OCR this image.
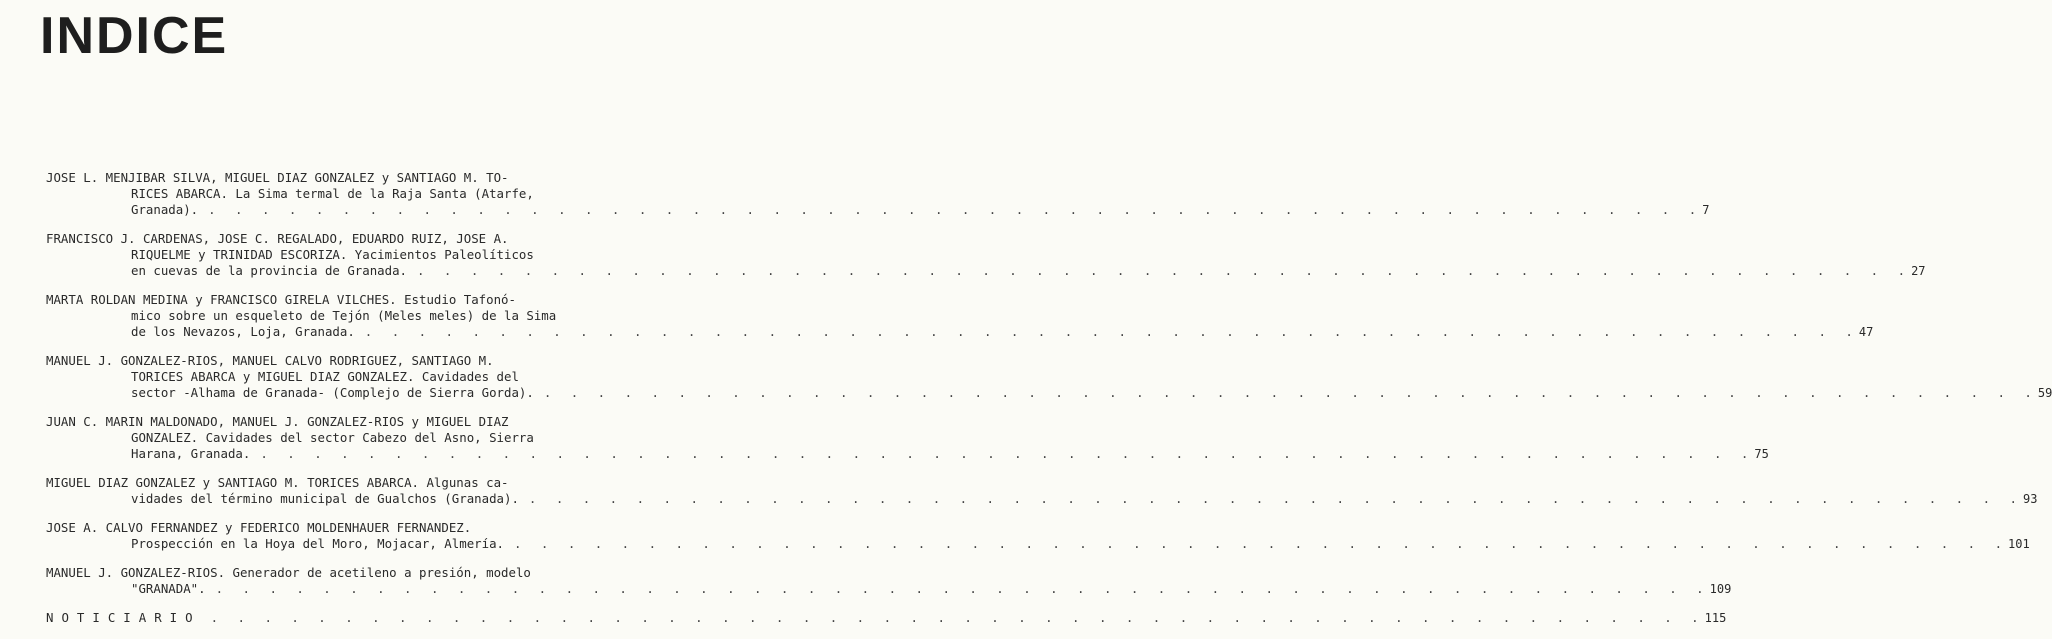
INDICE
JOSE L. MENJIBAR SILVA, MIGUEL DIAZ GONZALEZ y SANTIAGO M. TO-
RICES ABARCA. La Sima termal de la Raja Santa (Atarfe,
Granada). . . . . . . . . . . . . . . . . . . . . . . . . . . . . . . . . . . . . . . . . . . . . . . . . . . . . . . . . 7
FRANCISCO J. CARDENAS, JOSE C. REGALADO, EDUARDO RUIZ, JOSE A.
RIQUELME y TRINIDAD ESCORIZA. Yacimientos Paleolíticos
en cuevas de la provincia de Granada. . . . . . . . . . . . . . . . . . . . . . . . . . . . . . . . . . . . . . . . . . . . . . . . . . . . . . . . . 27
MARTA ROLDAN MEDINA y FRANCISCO GIRELA VILCHES. Estudio Tafonó-
mico sobre un esqueleto de Tejón (Meles meles) de la Sima
de los Nevazos, Loja, Granada. . . . . . . . . . . . . . . . . . . . . . . . . . . . . . . . . . . . . . . . . . . . . . . . . . . . . . . . . 47
MANUEL J. GONZALEZ-RIOS, MANUEL CALVO RODRIGUEZ, SANTIAGO M.
TORICES ABARCA y MIGUEL DIAZ GONZALEZ. Cavidades del
sector -Alhama de Granada- (Complejo de Sierra Gorda). . . . . . . . . . . . . . . . . . . . . . . . . . . . . . . . . . . . . . . . . . . . . . . . . . . . . . . . . 59
JUAN C. MARIN MALDONADO, MANUEL J. GONZALEZ-RIOS y MIGUEL DIAZ
GONZALEZ. Cavidades del sector Cabezo del Asno, Sierra
Harana, Granada. . . . . . . . . . . . . . . . . . . . . . . . . . . . . . . . . . . . . . . . . . . . . . . . . . . . . . . . . 75
MIGUEL DIAZ GONZALEZ y SANTIAGO M. TORICES ABARCA. Algunas ca-
vidades del término municipal de Gualchos (Granada). . . . . . . . . . . . . . . . . . . . . . . . . . . . . . . . . . . . . . . . . . . . . . . . . . . . . . . . . 93
JOSE A. CALVO FERNANDEZ y FEDERICO MOLDENHAUER FERNANDEZ.
Prospección en la Hoya del Moro, Mojacar, Almería. . . . . . . . . . . . . . . . . . . . . . . . . . . . . . . . . . . . . . . . . . . . . . . . . . . . . . . . . 101
MANUEL J. GONZALEZ-RIOS. Generador de acetileno a presión, modelo
"GRANADA". . . . . . . . . . . . . . . . . . . . . . . . . . . . . . . . . . . . . . . . . . . . . . . . . . . . . . . . . 109
NOTICIARIO . . . . . . . . . . . . . . . . . . . . . . . . . . . . . . . . . . . . . . . . . . . . . . . . . . . . . . . . 115
